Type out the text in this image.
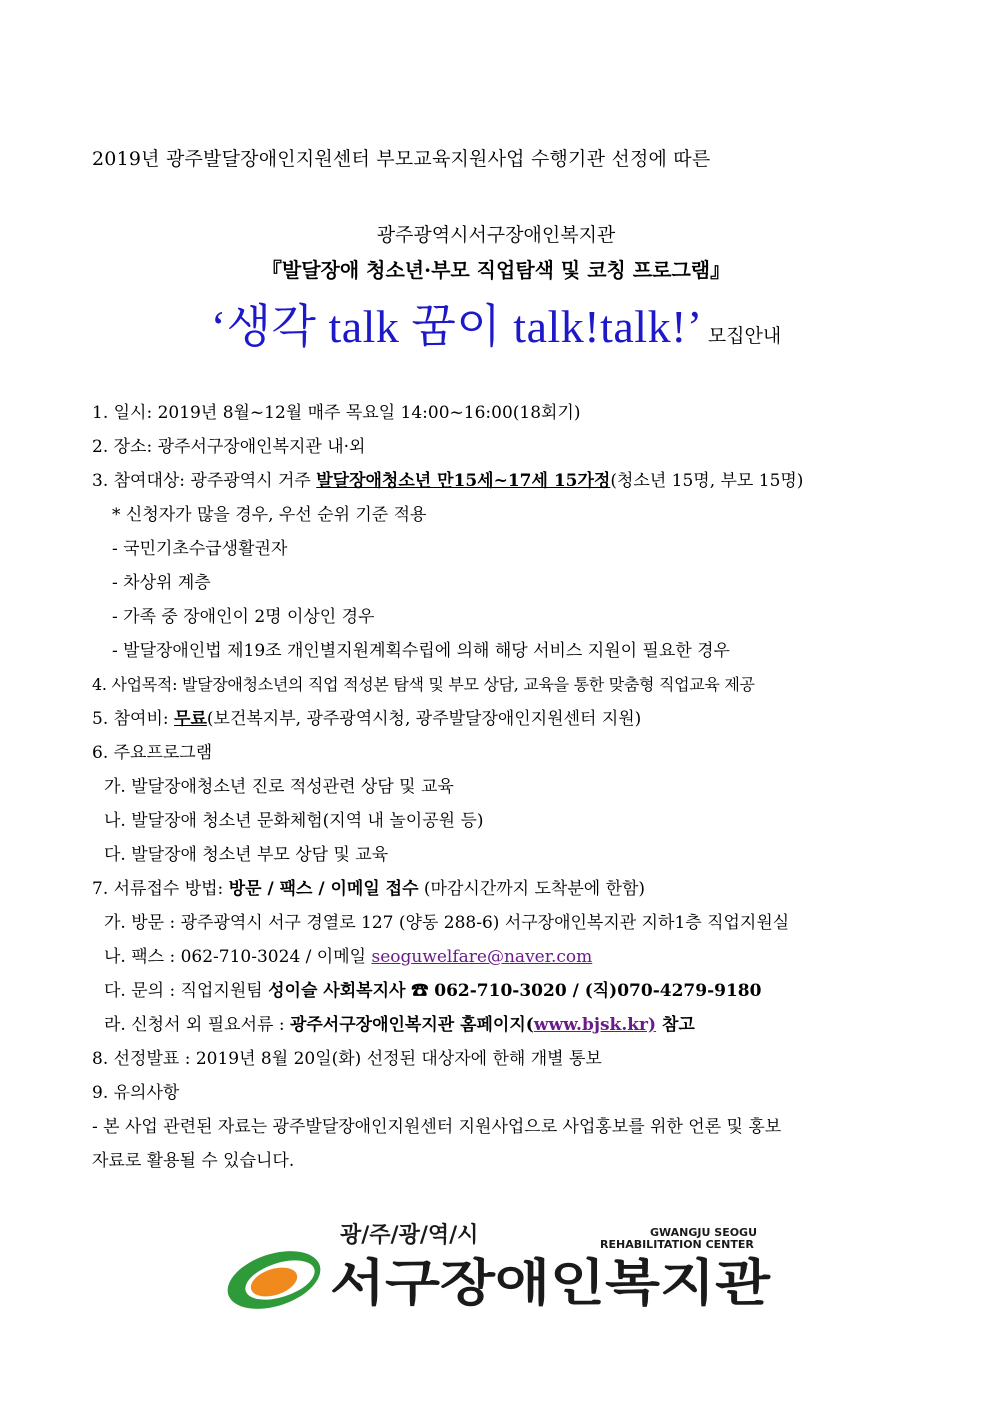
2019년 광주발달장애인지원센터 부모교육지원사업 수행기관 선정에 따른
광주광역시서구장애인복지관
『발달장애 청소년·부모 직업탐색 및 코칭 프로그램』
‘생각 talk 꿈이 talk!talk!’ 모집안내
1. 일시: 2019년 8월~12월 매주 목요일 14:00~16:00(18회기)
2. 장소: 광주서구장애인복지관 내·외
3. 참여대상: 광주광역시 거주 발달장애청소년 만15세~17세 15가정(청소년 15명, 부모 15명)
* 신청자가 많을 경우, 우선 순위 기준 적용
- 국민기초수급생활권자
- 차상위 계층
- 가족 중 장애인이 2명 이상인 경우
- 발달장애인법 제19조 개인별지원계획수립에 의해 해당 서비스 지원이 필요한 경우
4. 사업목적: 발달장애청소년의 직업 적성본 탐색 및 부모 상담, 교육을 통한 맞춤형 직업교육 제공
5. 참여비: 무료(보건복지부, 광주광역시청, 광주발달장애인지원센터 지원)
6. 주요프로그램
가. 발달장애청소년 진로 적성관련 상담 및 교육
나. 발달장애 청소년 문화체험(지역 내 놀이공원 등)
다. 발달장애 청소년 부모 상담 및 교육
7. 서류접수 방법: 방문 / 팩스 / 이메일 접수 (마감시간까지 도착분에 한함)
가. 방문 : 광주광역시 서구 경열로 127 (양동 288-6) 서구장애인복지관 지하1층 직업지원실
나. 팩스 : 062-710-3024 / 이메일 seoguwelfare@naver.com
다. 문의 : 직업지원팀 성이슬 사회복지사 ☎ 062-710-3020 / (직)070-4279-9180
라. 신청서 외 필요서류 : 광주서구장애인복지관 홈페이지(www.bjsk.kr) 참고
8. 선정발표 : 2019년 8월 20일(화) 선정된 대상자에 한해 개별 통보
9. 유의사항
- 본 사업 관련된 자료는 광주발달장애인지원센터 지원사업으로 사업홍보를 위한 언론 및 홍보
자료로 활용될 수 있습니다.
광/주/광/역/시
서구장애인복지관
GWANGJU SEOGU
REHABILITATION CENTER
